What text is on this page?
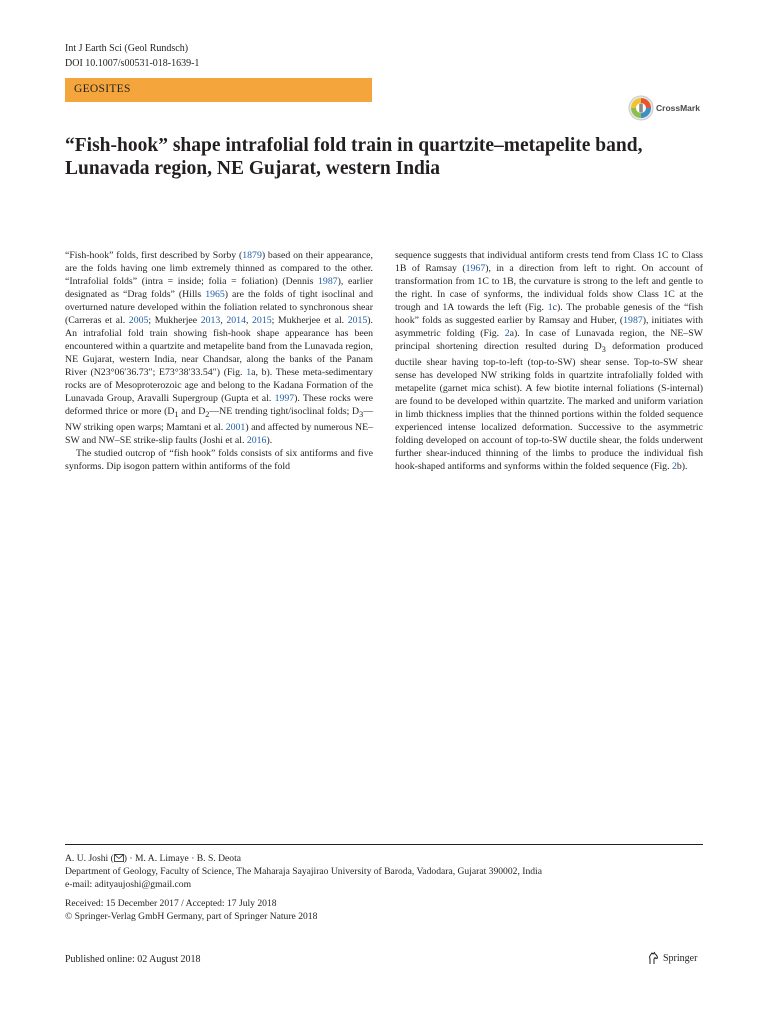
Int J Earth Sci (Geol Rundsch)
DOI 10.1007/s00531-018-1639-1
GEOSITES
CrossMark
“Fish-hook” shape intrafolial fold train in quartzite–metapelite band, Lunavada region, NE Gujarat, western India

“Fish-hook” folds, first described by Sorby (1879) based on their appearance, are the folds having one limb extremely thinned as compared to the other. “Intrafolial folds” (intra = inside; folia = foliation) (Dennis 1987), earlier designated as “Drag folds” (Hills 1965) are the folds of tight isoclinal and overturned nature developed within the foliation related to synchronous shear (Carreras et al. 2005; Mukherjee 2013, 2014, 2015; Mukherjee et al. 2015). An intrafolial fold train showing fish-hook shape appearance has been encountered within a quartzite and metapelite band from the Lunavada region, NE Gujarat, western India, near Chandsar, along the banks of the Panam River (N23°06′36.73″; E73°38′33.54″) (Fig. 1a, b). These meta-sedimentary rocks are of Mesoproterozoic age and belong to the Kadana Formation of the Lunavada Group, Aravalli Supergroup (Gupta et al. 1997). These rocks were deformed thrice or more ($D_1$ and $D_2—NE$ trending tight/isoclinal folds; $D_3—NW$ striking open warps; Mamtani et al. 2001) and affected by numerous NE–SW and NW–SE strike-slip faults (Joshi et al. 2016).

The studied outcrop of “fish hook” folds consists of six antiforms and five synforms. Dip isogon pattern within antiforms of the fold

sequence suggests that individual antiform crests tend from Class 1C to Class 1B of Ramsay (1967), in a direction from left to right. On account of transformation from 1C to 1B, the curvature is strong to the left and gentle to the right. In case of synforms, the individual folds show Class 1C at the trough and 1A towards the left (Fig. 1c). The probable genesis of the “fish hook” folds as suggested earlier by Ramsay and Huber, (1987), initiates with asymmetric folding (Fig. 2a). In case of Lunavada region, the NE–SW principal shortening direction resulted during $D_3$ deformation produced ductile shear having top-to-left (top-to-SW) shear sense. Top-to-SW shear sense has developed NW striking folds in quartzite intrafolially folded with metapelite (garnet mica schist). A few biotite internal foliations (S-internal) are found to be developed within quartzite. The marked and uniform variation in limb thickness implies that the thinned portions within the folded sequence experienced intense localized deformation. Successive to the asymmetric folding developed on account of top-to-SW ductile shear, the folds underwent further shear-induced thinning of the limbs to produce the individual fish hook-shaped antiforms and synforms within the folded sequence (Fig. 2b).

A. U. Joshi ( ) · M. A. Limaye · B. S. Deota
Department of Geology, Faculty of Science, The Maharaja Sayajirao University of Baroda, Vadodara, Gujarat 390002, India
e-mail: adityaujoshi@gmail.com
Received: 15 December 2017 / Accepted: 17 July 2018
© Springer-Verlag GmbH Germany, part of Springer Nature 2018
Published online: 02 August 2018	Springer
